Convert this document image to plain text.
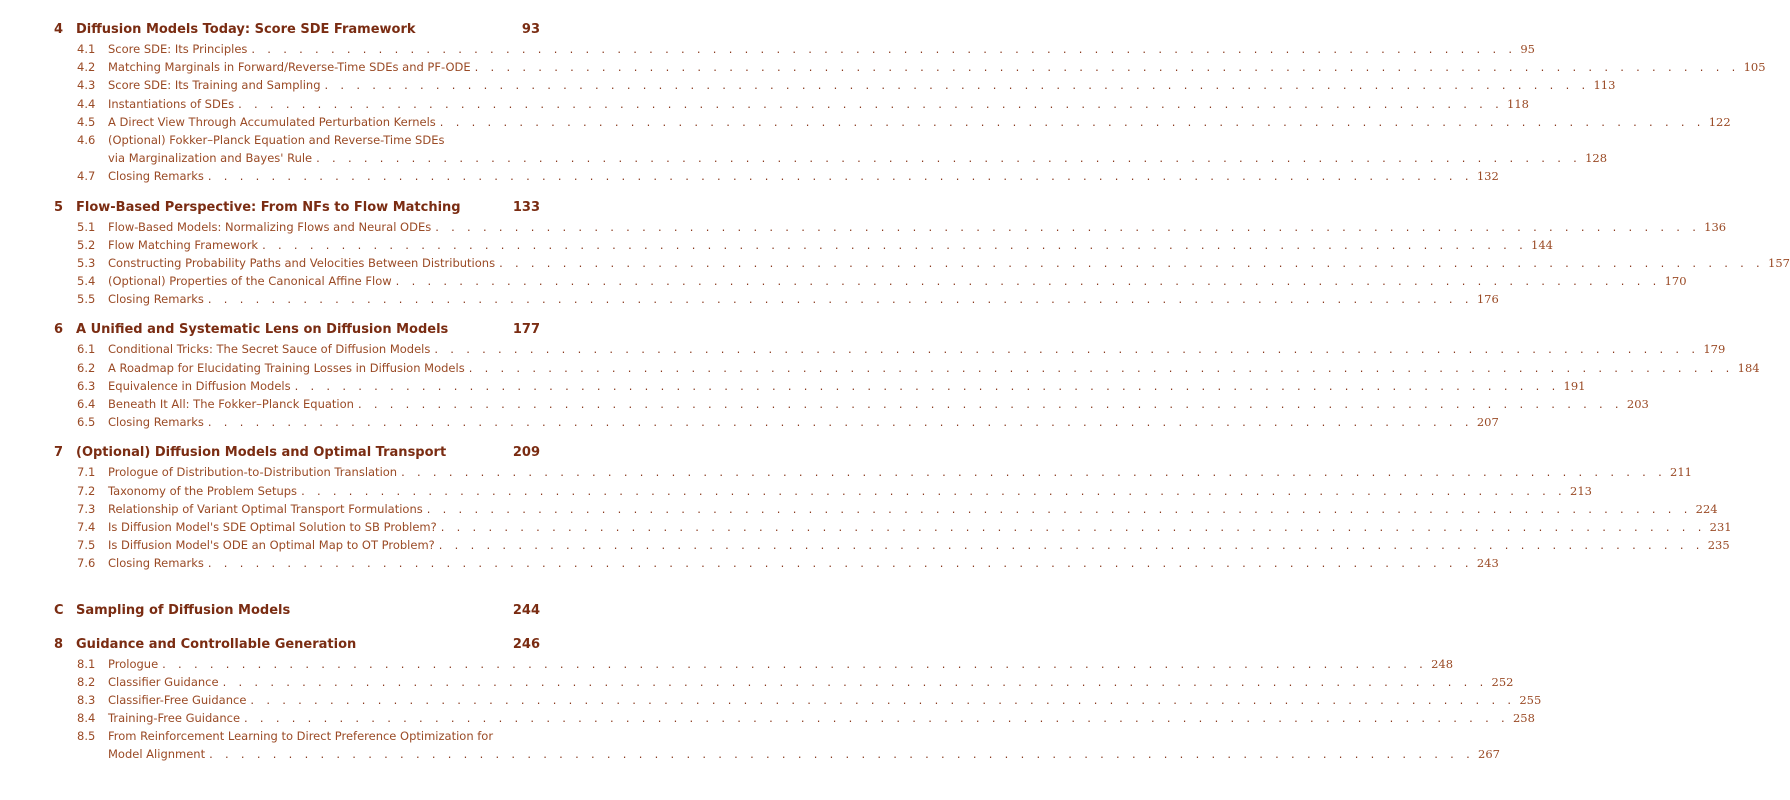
4 Diffusion Models Today: Score SDE Framework	93
4.1 Score SDE: Its Principles . . . . . . . . . . . . . . . . . . . . . . . . . . . . . . . . . . . . . . . . . . . . . . . . . . . . . . . . . . . . . . . . . . . . . . . . . . . . . . . . 95
4.2 Matching Marginals in Forward/Reverse-Time SDEs and PF-ODE . . . . . . . . . . . . . . . . . . . . . . . . . . . . . . . . . . . . . . . . . . . . . . . . . . . . . . . . . . . . . . . . . . . . . . . . . . . . . . . . 105
4.3 Score SDE: Its Training and Sampling . . . . . . . . . . . . . . . . . . . . . . . . . . . . . . . . . . . . . . . . . . . . . . . . . . . . . . . . . . . . . . . . . . . . . . . . . . . . . . . . 113
4.4 Instantiations of SDEs . . . . . . . . . . . . . . . . . . . . . . . . . . . . . . . . . . . . . . . . . . . . . . . . . . . . . . . . . . . . . . . . . . . . . . . . . . . . . . . . 118
4.5 A Direct View Through Accumulated Perturbation Kernels . . . . . . . . . . . . . . . . . . . . . . . . . . . . . . . . . . . . . . . . . . . . . . . . . . . . . . . . . . . . . . . . . . . . . . . . . . . . . . . . 122
4.6 (Optional) Fokker–Planck Equation and Reverse-Time SDEs
via Marginalization and Bayes' Rule . . . . . . . . . . . . . . . . . . . . . . . . . . . . . . . . . . . . . . . . . . . . . . . . . . . . . . . . . . . . . . . . . . . . . . . . . . . . . . . . 128
4.7 Closing Remarks . . . . . . . . . . . . . . . . . . . . . . . . . . . . . . . . . . . . . . . . . . . . . . . . . . . . . . . . . . . . . . . . . . . . . . . . . . . . . . . . 132
5 Flow-Based Perspective: From NFs to Flow Matching	133
5.1 Flow-Based Models: Normalizing Flows and Neural ODEs . . . . . . . . . . . . . . . . . . . . . . . . . . . . . . . . . . . . . . . . . . . . . . . . . . . . . . . . . . . . . . . . . . . . . . . . . . . . . . . . 136
5.2 Flow Matching Framework . . . . . . . . . . . . . . . . . . . . . . . . . . . . . . . . . . . . . . . . . . . . . . . . . . . . . . . . . . . . . . . . . . . . . . . . . . . . . . . . 144
5.3 Constructing Probability Paths and Velocities Between Distributions . . . . . . . . . . . . . . . . . . . . . . . . . . . . . . . . . . . . . . . . . . . . . . . . . . . . . . . . . . . . . . . . . . . . . . . . . . . . . . . . 157
5.4 (Optional) Properties of the Canonical Affine Flow . . . . . . . . . . . . . . . . . . . . . . . . . . . . . . . . . . . . . . . . . . . . . . . . . . . . . . . . . . . . . . . . . . . . . . . . . . . . . . . . 170
5.5 Closing Remarks . . . . . . . . . . . . . . . . . . . . . . . . . . . . . . . . . . . . . . . . . . . . . . . . . . . . . . . . . . . . . . . . . . . . . . . . . . . . . . . . 176
6 A Unified and Systematic Lens on Diffusion Models	177
6.1 Conditional Tricks: The Secret Sauce of Diffusion Models . . . . . . . . . . . . . . . . . . . . . . . . . . . . . . . . . . . . . . . . . . . . . . . . . . . . . . . . . . . . . . . . . . . . . . . . . . . . . . . . 179
6.2 A Roadmap for Elucidating Training Losses in Diffusion Models . . . . . . . . . . . . . . . . . . . . . . . . . . . . . . . . . . . . . . . . . . . . . . . . . . . . . . . . . . . . . . . . . . . . . . . . . . . . . . . . 184
6.3 Equivalence in Diffusion Models . . . . . . . . . . . . . . . . . . . . . . . . . . . . . . . . . . . . . . . . . . . . . . . . . . . . . . . . . . . . . . . . . . . . . . . . . . . . . . . . 191
6.4 Beneath It All: The Fokker–Planck Equation . . . . . . . . . . . . . . . . . . . . . . . . . . . . . . . . . . . . . . . . . . . . . . . . . . . . . . . . . . . . . . . . . . . . . . . . . . . . . . . . 203
6.5 Closing Remarks . . . . . . . . . . . . . . . . . . . . . . . . . . . . . . . . . . . . . . . . . . . . . . . . . . . . . . . . . . . . . . . . . . . . . . . . . . . . . . . . 207
7 (Optional) Diffusion Models and Optimal Transport	209
7.1 Prologue of Distribution-to-Distribution Translation . . . . . . . . . . . . . . . . . . . . . . . . . . . . . . . . . . . . . . . . . . . . . . . . . . . . . . . . . . . . . . . . . . . . . . . . . . . . . . . . 211
7.2 Taxonomy of the Problem Setups . . . . . . . . . . . . . . . . . . . . . . . . . . . . . . . . . . . . . . . . . . . . . . . . . . . . . . . . . . . . . . . . . . . . . . . . . . . . . . . . 213
7.3 Relationship of Variant Optimal Transport Formulations . . . . . . . . . . . . . . . . . . . . . . . . . . . . . . . . . . . . . . . . . . . . . . . . . . . . . . . . . . . . . . . . . . . . . . . . . . . . . . . . 224
7.4 Is Diffusion Model's SDE Optimal Solution to SB Problem? . . . . . . . . . . . . . . . . . . . . . . . . . . . . . . . . . . . . . . . . . . . . . . . . . . . . . . . . . . . . . . . . . . . . . . . . . . . . . . . . 231
7.5 Is Diffusion Model's ODE an Optimal Map to OT Problem? . . . . . . . . . . . . . . . . . . . . . . . . . . . . . . . . . . . . . . . . . . . . . . . . . . . . . . . . . . . . . . . . . . . . . . . . . . . . . . . . 235
7.6 Closing Remarks . . . . . . . . . . . . . . . . . . . . . . . . . . . . . . . . . . . . . . . . . . . . . . . . . . . . . . . . . . . . . . . . . . . . . . . . . . . . . . . . 243
C Sampling of Diffusion Models	244
8 Guidance and Controllable Generation	246
8.1 Prologue . . . . . . . . . . . . . . . . . . . . . . . . . . . . . . . . . . . . . . . . . . . . . . . . . . . . . . . . . . . . . . . . . . . . . . . . . . . . . . . . 248
8.2 Classifier Guidance . . . . . . . . . . . . . . . . . . . . . . . . . . . . . . . . . . . . . . . . . . . . . . . . . . . . . . . . . . . . . . . . . . . . . . . . . . . . . . . . 252
8.3 Classifier-Free Guidance . . . . . . . . . . . . . . . . . . . . . . . . . . . . . . . . . . . . . . . . . . . . . . . . . . . . . . . . . . . . . . . . . . . . . . . . . . . . . . . . 255
8.4 Training-Free Guidance . . . . . . . . . . . . . . . . . . . . . . . . . . . . . . . . . . . . . . . . . . . . . . . . . . . . . . . . . . . . . . . . . . . . . . . . . . . . . . . . 258
8.5 From Reinforcement Learning to Direct Preference Optimization for
Model Alignment . . . . . . . . . . . . . . . . . . . . . . . . . . . . . . . . . . . . . . . . . . . . . . . . . . . . . . . . . . . . . . . . . . . . . . . . . . . . . . . . 267
